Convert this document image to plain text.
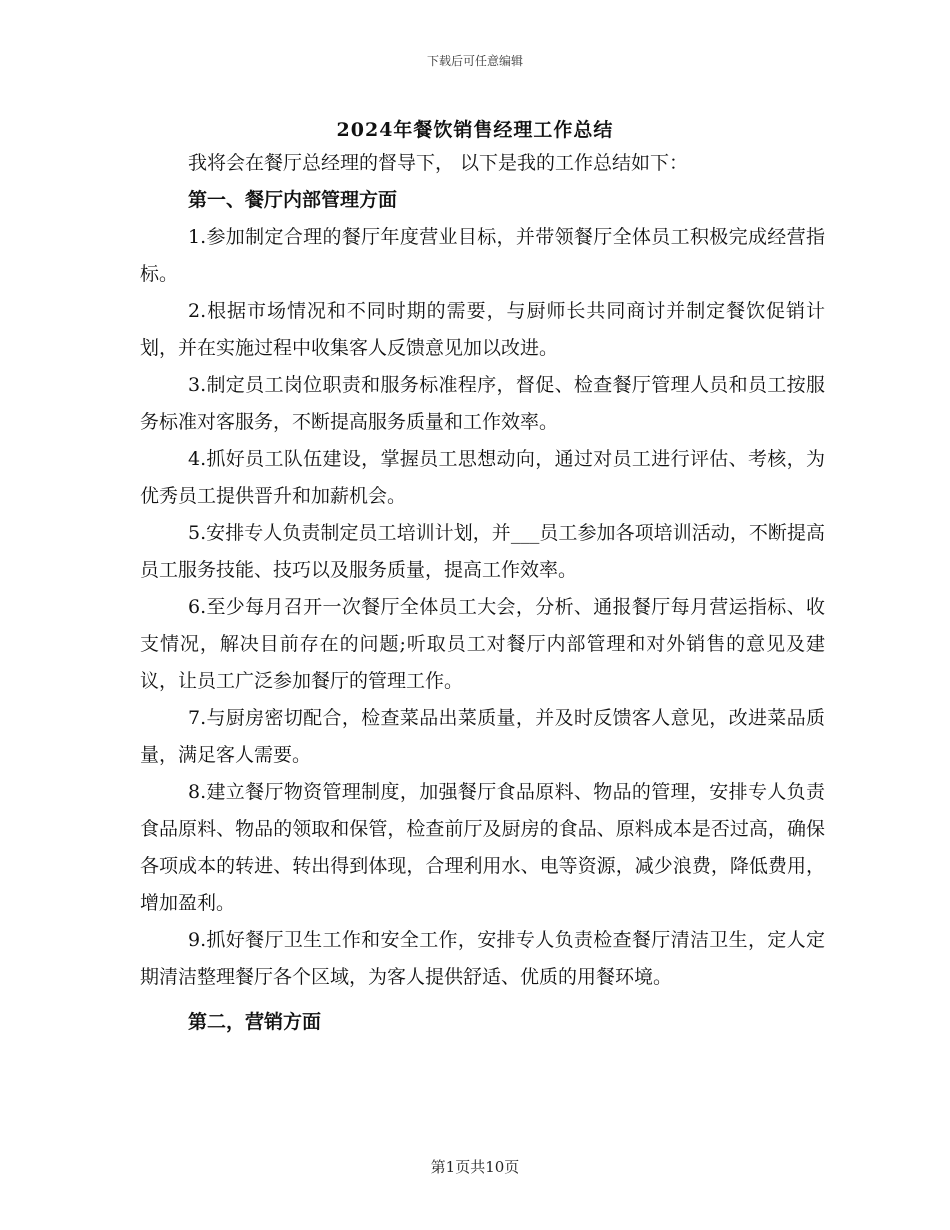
下载后可任意编辑
2024年餐饮销售经理工作总结

我将会在餐厅总经理的督导下， 以下是我的工作总结如下：

第一、餐厅内部管理方面

1.参加制定合理的餐厅年度营业目标，并带领餐厅全体员工积极完成经营指标。

2.根据市场情况和不同时期的需要，与厨师长共同商讨并制定餐饮促销计划，并在实施过程中收集客人反馈意见加以改进。

3.制定员工岗位职责和服务标准程序，督促、检查餐厅管理人员和员工按服务标准对客服务，不断提高服务质量和工作效率。

4.抓好员工队伍建设，掌握员工思想动向，通过对员工进行评估、考核，为优秀员工提供晋升和加薪机会。

5.安排专人负责制定员工培训计划，并___员工参加各项培训活动，不断提高员工服务技能、技巧以及服务质量，提高工作效率。

6.至少每月召开一次餐厅全体员工大会，分析、通报餐厅每月营运指标、收支情况，解决目前存在的问题;听取员工对餐厅内部管理和对外销售的意见及建议，让员工广泛参加餐厅的管理工作。

7.与厨房密切配合，检查菜品出菜质量，并及时反馈客人意见，改进菜品质量，满足客人需要。

8.建立餐厅物资管理制度，加强餐厅食品原料、物品的管理，安排专人负责食品原料、物品的领取和保管，检查前厅及厨房的食品、原料成本是否过高，确保各项成本的转进、转出得到体现，合理利用水、电等资源，减少浪费，降低费用，增加盈利。

9.抓好餐厅卫生工作和安全工作，安排专人负责检查餐厅清洁卫生，定人定期清洁整理餐厅各个区域，为客人提供舒适、优质的用餐环境。

第二，营销方面

第1页共10页
